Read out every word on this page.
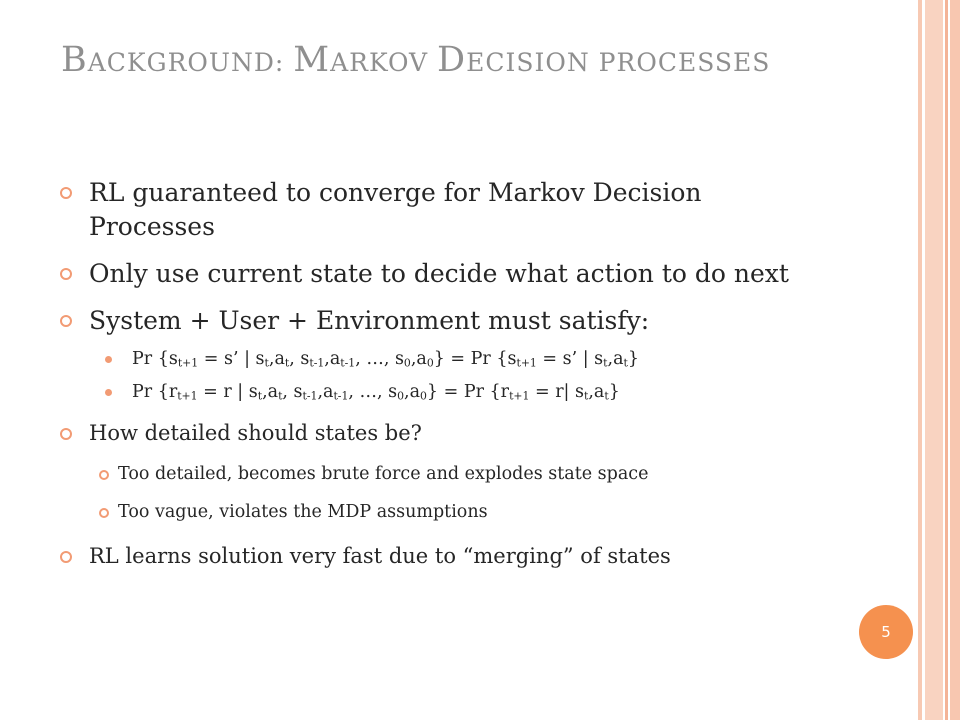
BACKGROUND: MARKOV DECISION PROCESSES
RL guaranteed to converge for Markov Decision Processes
Only use current state to decide what action to do next
System + User + Environment must satisfy:
Pr {$s_{t+1} = s$’ | $s_t,a_t$, $s_{t-1},a_{t-1}$, …, $s_0,a_0\} = Pr$ {$s_{t+1} = s$’ | $s_t,a_t$}
Pr {$r_{t+1} = r$ | $s_t,a_t$, $s_{t-1},a_{t-1}$, …, $s_0,a_0\} = Pr$ {$r_{t+1} = r|$ $s_t,a_t$}
How detailed should states be?
Too detailed, becomes brute force and explodes state space
Too vague, violates the MDP assumptions
RL learns solution very fast due to “merging” of states
5
